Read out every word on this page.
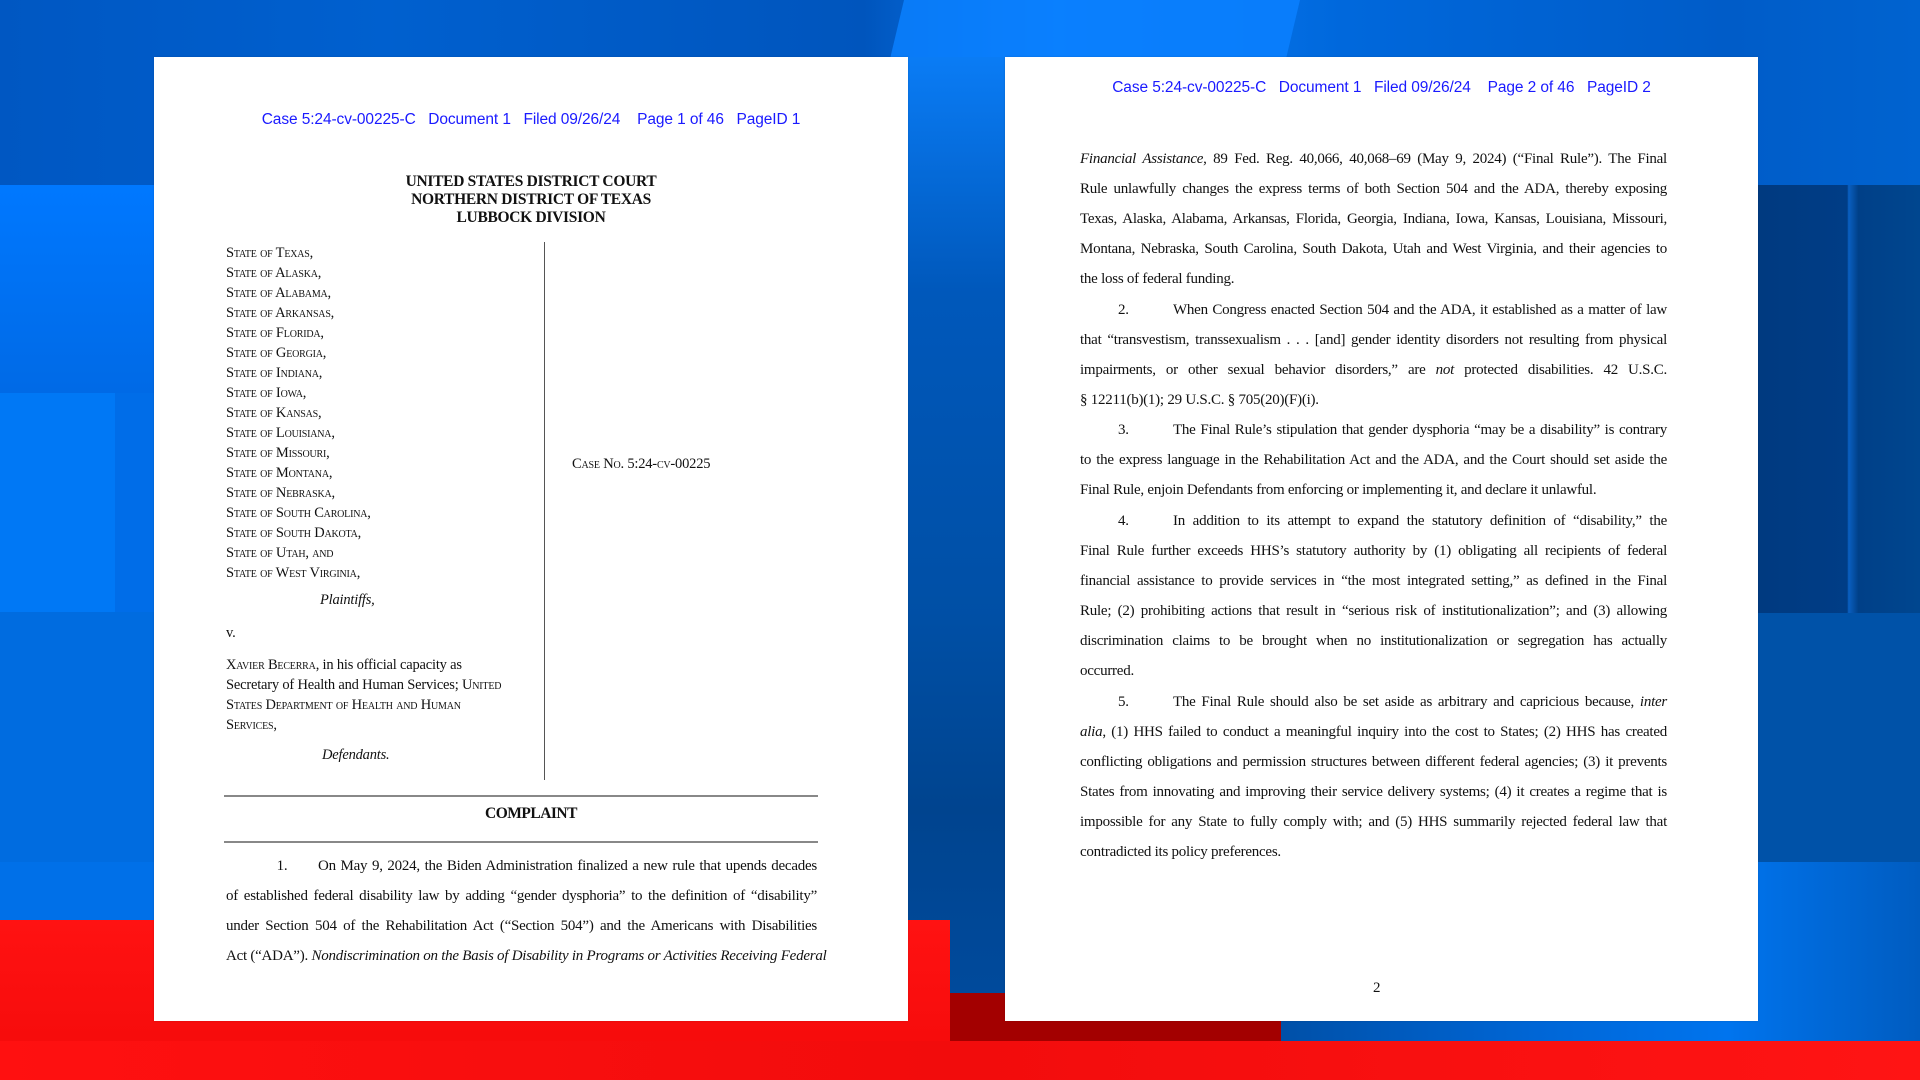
Case 5:24-cv-00225-C   Document 1   Filed 09/26/24    Page 1 of 46   PageID 1
UNITED STATES DISTRICT COURT
NORTHERN DISTRICT OF TEXAS
LUBBOCK DIVISION
State of Texas,
State of Alaska,
State of Alabama,
State of Arkansas,
State of Florida,
State of Georgia,
State of Indiana,
State of Iowa,
State of Kansas,
State of Louisiana,
State of Missouri,
State of Montana,
State of Nebraska,
State of South Carolina,
State of South Dakota,
State of Utah, and
State of West Virginia,
Plaintiffs,
v.
Xavier Becerra, in his official capacity as
Secretary of Health and Human Services; United
States Department of Health and Human
Services,
Defendants.
Case No. 5:24-cv-00225
COMPLAINT
1. On May 9, 2024, the Biden Administration finalized a new rule that upends decades
of established federal disability law by adding “gender dysphoria” to the definition of “disability”
under Section 504 of the Rehabilitation Act (“Section 504”) and the Americans with Disabilities
Act (“ADA”). Nondiscrimination on the Basis of Disability in Programs or Activities Receiving Federal
Case 5:24-cv-00225-C   Document 1   Filed 09/26/24    Page 2 of 46   PageID 2
Financial Assistance, 89 Fed. Reg. 40,066, 40,068–69 (May 9, 2024) (“Final Rule”). The Final
Rule unlawfully changes the express terms of both Section 504 and the ADA, thereby exposing
Texas, Alaska, Alabama, Arkansas, Florida, Georgia, Indiana, Iowa, Kansas, Louisiana, Missouri,
Montana, Nebraska, South Carolina, South Dakota, Utah and West Virginia, and their agencies to
the loss of federal funding.
2.	When Congress enacted Section 504 and the ADA, it established as a matter of law
that “transvestism, transsexualism . . . [and] gender identity disorders not resulting from physical
impairments, or other sexual behavior disorders,” are not protected disabilities. 42 U.S.C.
§ 12211(b)(1); 29 U.S.C. § 705(20)(F)(i).
3.	The Final Rule’s stipulation that gender dysphoria “may be a disability” is contrary
to the express language in the Rehabilitation Act and the ADA, and the Court should set aside the
Final Rule, enjoin Defendants from enforcing or implementing it, and declare it unlawful.
4.	In addition to its attempt to expand the statutory definition of “disability,” the
Final Rule further exceeds HHS’s statutory authority by (1) obligating all recipients of federal
financial assistance to provide services in “the most integrated setting,” as defined in the Final
Rule; (2) prohibiting actions that result in “serious risk of institutionalization”; and (3) allowing
discrimination claims to be brought when no institutionalization or segregation has actually
occurred.
5.	The Final Rule should also be set aside as arbitrary and capricious because, inter
alia, (1) HHS failed to conduct a meaningful inquiry into the cost to States; (2) HHS has created
conflicting obligations and permission structures between different federal agencies; (3) it prevents
States from innovating and improving their service delivery systems; (4) it creates a regime that is
impossible for any State to fully comply with; and (5) HHS summarily rejected federal law that
contradicted its policy preferences.
2
